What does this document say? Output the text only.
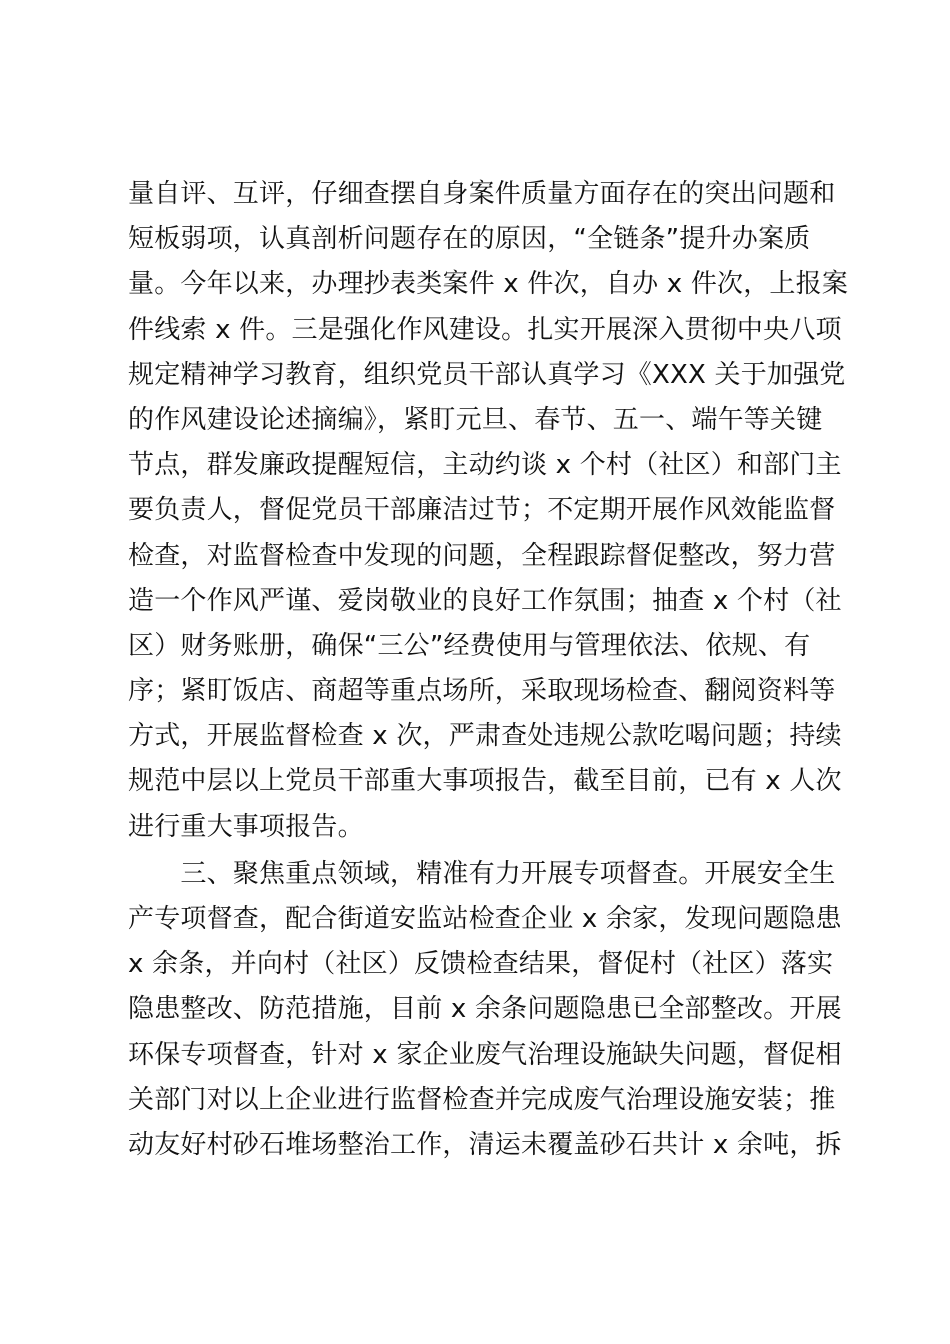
量自评、互评，仔细查摆自身案件质量方面存在的突出问题和
短板弱项，认真剖析问题存在的原因，“全链条”提升办案质
量。今年以来，办理抄表类案件 x 件次，自办 x 件次，上报案
件线索 x 件。三是强化作风建设。扎实开展深入贯彻中央八项
规定精神学习教育，组织党员干部认真学习《XXX 关于加强党
的作风建设论述摘编》，紧盯元旦、春节、五一、端午等关键
节点，群发廉政提醒短信，主动约谈 x 个村（社区）和部门主
要负责人，督促党员干部廉洁过节；不定期开展作风效能监督
检查，对监督检查中发现的问题，全程跟踪督促整改，努力营
造一个作风严谨、爱岗敬业的良好工作氛围；抽查 x 个村（社
区）财务账册，确保“三公”经费使用与管理依法、依规、有
序；紧盯饭店、商超等重点场所，采取现场检查、翻阅资料等
方式，开展监督检查 x 次，严肃查处违规公款吃喝问题；持续
规范中层以上党员干部重大事项报告，截至目前，已有 x 人次
进行重大事项报告。
　　三、聚焦重点领域，精准有力开展专项督查。开展安全生
产专项督查，配合街道安监站检查企业 x 余家，发现问题隐患
x 余条，并向村（社区）反馈检查结果，督促村（社区）落实
隐患整改、防范措施，目前 x 余条问题隐患已全部整改。开展
环保专项督查，针对 x 家企业废气治理设施缺失问题，督促相
关部门对以上企业进行监督检查并完成废气治理设施安装；推
动友好村砂石堆场整治工作，清运未覆盖砂石共计 x 余吨，拆
